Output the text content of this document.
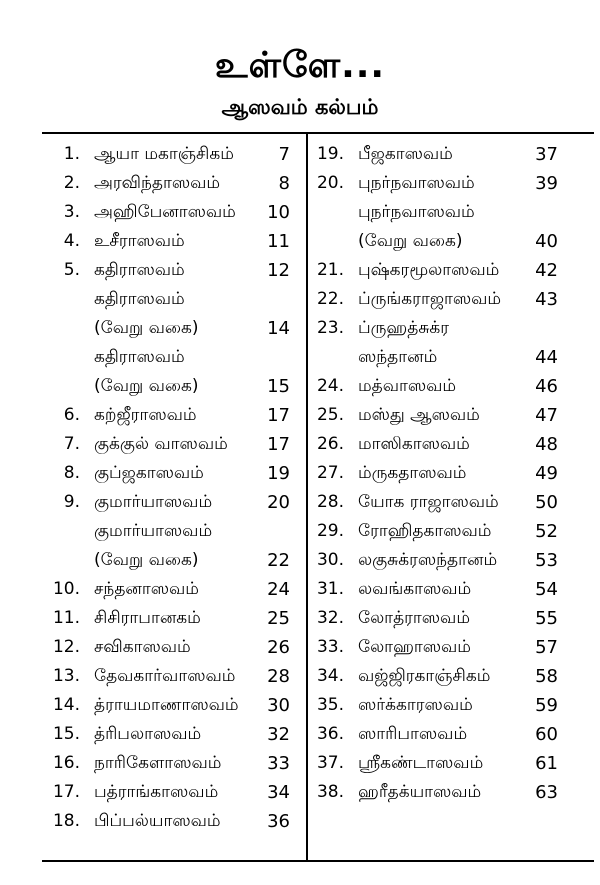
உள்ளே...
ஆஸவம் கல்பம்
1. ஆயா மகாஞ்சிகம்	7
2. அரவிந்தாஸவம்	8
3. அஹிபேனாஸவம்	10
4. உசீராஸவம்	11
5. கதிராஸவம்	12
கதிராஸவம்
(வேறு வகை)	14
கதிராஸவம்
(வேறு வகை)	15
6. கற்ஜீராஸவம்	17
7. குக்குல் வாஸவம்	17
8. குப்ஜகாஸவம்	19
9. குமார்யாஸவம்	20
குமார்யாஸவம்
(வேறு வகை)	22
10. சந்தனாஸவம்	24
11. சிசிராபானகம்	25
12. சவிகாஸவம்	26
13. தேவகார்வாஸவம்	28
14. த்ராயமாணாஸவம்	30
15. த்ரிபலாஸவம்	32
16. நாரிகேளாஸவம்	33
17. பத்ராங்காஸவம்	34
18. பிப்பல்யாஸவம்	36
19. பீஜகாஸவம்	37
20. புநர்நவாஸவம்	39
புநர்நவாஸவம்
(வேறு வகை)	40
21. புஷ்கரமூலாஸவம்	42
22. ப்ருங்கராஜாஸவம்	43
23. ப்ருஹத்சுக்ர
ஸந்தானம்	44
24. மத்வாஸவம்	46
25. மஸ்து ஆஸவம்	47
26. மாஸிகாஸவம்	48
27. ம்ருகதாஸவம்	49
28. யோக ராஜாஸவம்	50
29. ரோஹிதகாஸவம்	52
30. லகுசுக்ரஸந்தானம்	53
31. லவங்காஸவம்	54
32. லோத்ராஸவம்	55
33. லோஹாஸவம்	57
34. வஜ்ஜிரகாஞ்சிகம்	58
35. ஸர்க்காரஸவம்	59
36. ஸாரிபாஸவம்	60
37. ஸ்ரீகண்டாஸவம்	61
38. ஹரீதக்யாஸவம்	63
